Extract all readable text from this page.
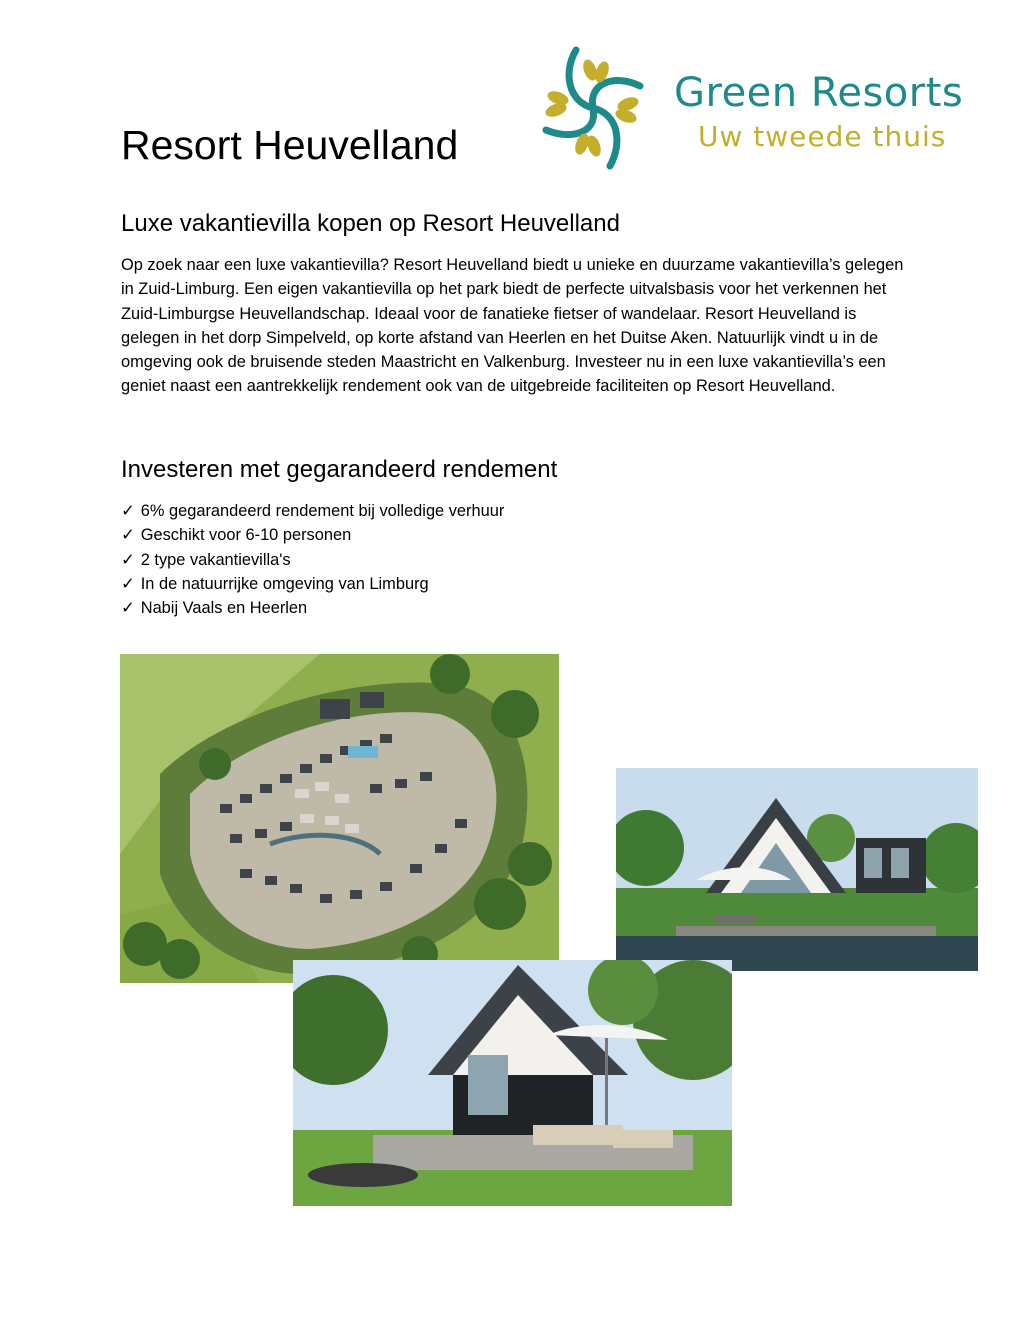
Resort Heuvelland
Green Resorts
Uw tweede thuis
Luxe vakantievilla kopen op Resort Heuvelland

Op zoek naar een luxe vakantievilla? Resort Heuvelland biedt u unieke en duurzame vakantievilla’s gelegen in Zuid-Limburg. Een eigen vakantievilla op het park biedt de perfecte uitvalsbasis voor het verkennen het Zuid-Limburgse Heuvellandschap. Ideaal voor de fanatieke fietser of wandelaar. Resort Heuvelland is gelegen in het dorp Simpelveld, op korte afstand van Heerlen en het Duitse Aken. Natuurlijk vindt u in de omgeving ook de bruisende steden Maastricht en Valkenburg. Investeer nu in een luxe vakantievilla’s een geniet naast een aantrekkelijk rendement ook van de uitgebreide faciliteiten op Resort Heuvelland.

Investeren met gegarandeerd rendement
✓ 6% gegarandeerd rendement bij volledige verhuur
✓ Geschikt voor 6-10 personen
✓ 2 type vakantievilla's
✓ In de natuurrijke omgeving van Limburg
✓ Nabij Vaals en Heerlen
